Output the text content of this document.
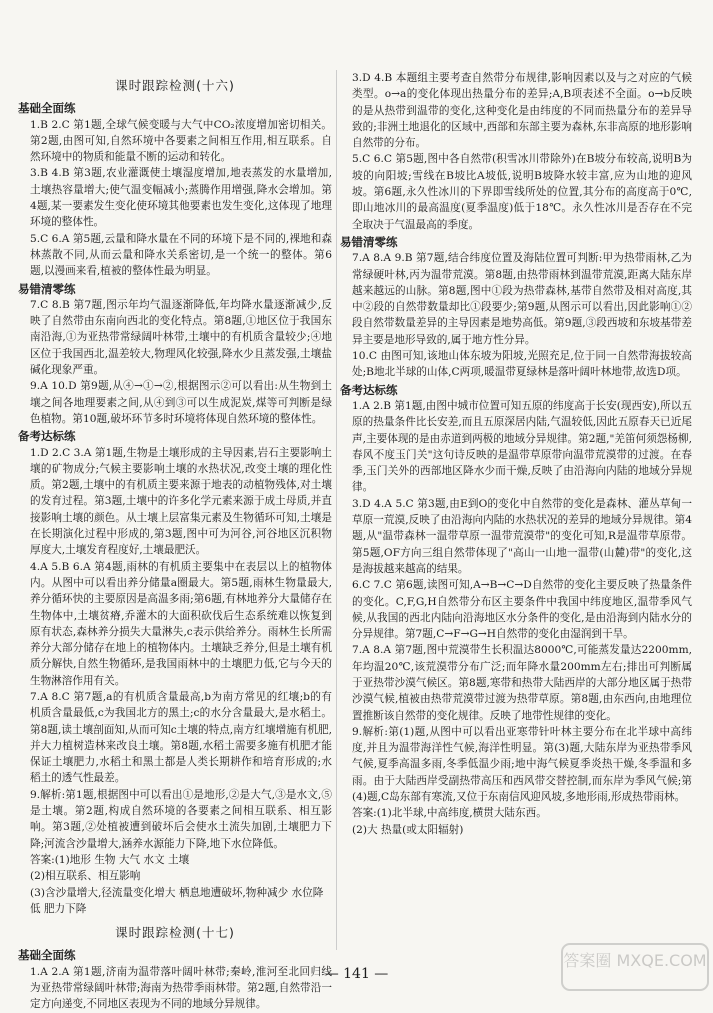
课时跟踪检测(十六)
基础全面练

1.B 2.C 第1题,全球气候变暖与大气中CO₂浓度增加密切相关。第2题,由图可知,自然环境中各要素之间相互作用,相互联系。自然环境中的物质和能量不断的运动和转化。

3.B 4.B 第3题,农业灌溉使土壤湿度增加,地表蒸发的水量增加,土壤热容量增大;使气温变幅减小;蒸腾作用增强,降水会增加。第4题,某一要素发生变化使环境其他要素也发生变化,这体现了地理环境的整体性。

5.C 6.A 第5题,云量和降水量在不同的环境下是不同的,裸地和森林蒸散不同,从而云量和降水关系密切,是一个统一的整体。第6题,以漫画来看,植被的整体性最为明显。

易错清零练

7.C 8.B 第7题,图示年均气温逐渐降低,年均降水量逐渐减少,反映了自然带由东南向西北的变化特点。第8题,①地区位于我国东南沿海,①为亚热带常绿阔叶林带,土壤中的有机质含量较少;④地区位于我国西北,温差较大,物理风化较强,降水少且蒸发强,土壤盐碱化现象严重。

9.A 10.D 第9题,从④→①→②,根据图示②可以看出:从生物到土壤之间各地理要素之间,从④到③可以生成泥炭,煤等可判断是绿色植物。第10题,破坏环节多时环境将体现自然环境的整体性。

备考达标练

1.D 2.C 3.A 第1题,生物是土壤形成的主导因素,岩石主要影响土壤的矿物成分;气候主要影响土壤的水热状况,改变土壤的理化性质。第2题,土壤中的有机质主要来源于地表的动植物残体,对土壤的发育过程。第3题,土壤中的许多化学元素来源于成土母质,并直接影响土壤的颜色。从土壤上层富集元素及生物循环可知,土壤是在长期演化过程中形成的,第3题,图中可为河谷,河谷地区沉积物厚度大,土壤发育程度好,土壤最肥沃。

4.A 5.B 6.A 第4题,雨林的有机质主要集中在表层以上的植物体内。从图中可以看出养分储量a圈最大。第5题,雨林生物量最大,养分循环快的主要原因是高温多雨;第6题,有林地养分大量储存在生物体中,土壤贫瘠,乔灌木的大面积砍伐后生态系统难以恢复到原有状态,森林养分损失大量淋失,c表示供给养分。雨林生长所需养分大部分储存在地上的植物体内。土壤缺乏养分,但是土壤有机质分解快,自然生物循环,是我国雨林中的土壤肥力低,它与今天的生物淋溶作用有关。

7.A 8.C 第7题,a的有机质含量最高,b为南方常见的红壤;b的有机质含量最低,c为我国北方的黑土;c的水分含量最大,是水稻土。第8题,读土壤剖面知,从而可知c土壤的特点,南方红壤增施有机肥,并大力植树造林来改良土壤。第8题,水稻土需要多施有机肥才能保证土壤肥力,水稻土和黑土都是人类长期耕作和培育形成的;水稻土的透气性最差。

9.解析:第1题,根据图中可以看出①是地形,②是大气,③是水文,⑤是土壤。第2题,构成自然环境的各要素之间相互联系、相互影响。第3题,②处植被遭到破坏后会使水土流失加剧,土壤肥力下降;河流含沙量增大,涵养水源能力下降,地下水位降低。

答案:(1)地形 生物 大气 水文 土壤

(2)相互联系、相互影响

(3)含沙量增大,径流量变化增大 栖息地遭破坏,物种减少 水位降低 肥力下降

课时跟踪检测(十七)
基础全面练

1.A 2.A 第1题,济南为温带落叶阔叶林带;秦岭,淮河至北回归线为亚热带常绿阔叶林带;海南为热带季雨林带。第2题,自然带沿一定方向递变,不同地区表现为不同的地域分异规律。

3.D 4.B 本题组主要考查自然带分布规律,影响因素以及与之对应的气候类型。o→a的变化体现出热量分布的差异;A,B项表述不全面。o→b反映的是从热带到温带的变化,这种变化是由纬度的不同而热量分布的差异导致的;非洲土地退化的区域中,西部和东部主要为森林,东非高原的地形影响自然带的分布。

5.C 6.C 第5题,图中各自然带(积雪冰川带除外)在B坡分布较高,说明B为坡的向阳坡;雪线在B坡比A坡低,说明B坡降水较丰富,应为山地的迎风坡。第6题,永久性冰川的下界即雪线所处的位置,其分布的高度高于0℃,即山地冰川的最高温度(夏季温度)低于18℃。永久性冰川是否存在不完全取决于气温最高的季度。

易错清零练

7.A 8.A 9.B 第7题,结合纬度位置及海陆位置可判断:甲为热带雨林,乙为常绿硬叶林,丙为温带荒漠。第8题,由热带雨林到温带荒漠,距离大陆东岸越来越远的山脉。第8题,图中①段为热带森林,基带自然带及相对高度,其中②段的自然带数量却比①段要少;第9题,从图示可以看出,因此影响①②段自然带数量差异的主导因素是地势高低。第9题,③段西坡和东坡基带差异主要是地形导致的,属于地方性分异。

10.C 由图可知,该地山体东坡为阳坡,光照充足,位于同一自然带海拔较高处;B地北半球的山体,C两项,暖温带夏绿林是落叶阔叶林地带,故选D项。

备考达标练

1.A 2.B 第1题,由图中城市位置可知五原的纬度高于长安(现西安),所以五原的热量条件比长安差,而且五原深居内陆,气温较低,因此五原春天已近尾声,主要体现的是由赤道到两极的地域分异规律。第2题,"羌笛何须怨杨柳,春风不度玉门关"这句诗反映的是温带草原带向温带荒漠带的过渡。在春季,玉门关外的西部地区降水少而干燥,反映了由沿海向内陆的地域分异规律。

3.D 4.A 5.C 第3题,由E到O的变化中自然带的变化是森林、灌丛草甸一草原一荒漠,反映了由沿海向内陆的水热状况的差异的地域分异规律。第4题,从"温带森林一温带草原一温带荒漠带"的变化可知,R是温带草原带。第5题,OF方向三组自然带体现了"高山一山地一温带(山麓)带"的变化,这是海拔越来越高的结果。

6.C 7.C 第6题,读图可知,A→B→C→D自然带的变化主要反映了热量条件的变化。C,F,G,H自然带分布区主要条件中我国中纬度地区,温带季风气候,从我国的西北内陆向沿海地区水分条件的变化,是由沿海到内陆水分的分异规律。第7题,C→F→G→H自然带的变化由湿润到干旱。

7.A 8.A 第7题,图中荒漠带生长积温达8000℃,可能蒸发量达2200mm,年均温20℃,该荒漠带分布广泛;而年降水量200mm左右;排出可判断属于亚热带沙漠气候区。第8题,寒带和热带大陆西岸的大部分地区属于热带沙漠气候,植被由热带荒漠带过渡为热带草原。第8题,由东西向,由地理位置推断该自然带的变化规律。反映了地带性规律的变化。

9.解析:第(1)题,从图中可以看出亚寒带针叶林主要分布在北半球中高纬度,并且为温带海洋性气候,海洋性明显。第(3)题,大陆东岸为亚热带季风气候,夏季高温多雨,冬季低温少雨;地中海气候夏季炎热干燥,冬季温和多雨。由于大陆西岸受副热带高压和西风带交替控制,而东岸为季风气候;第(4)题,C岛东部有寒流,又位于东南信风迎风坡,多地形雨,形成热带雨林。

答案:(1)北半球,中高纬度,横贯大陆东西。

(2)大 热量(或太阳辐射)

— 141 —
答案圈 MXQE.COM
